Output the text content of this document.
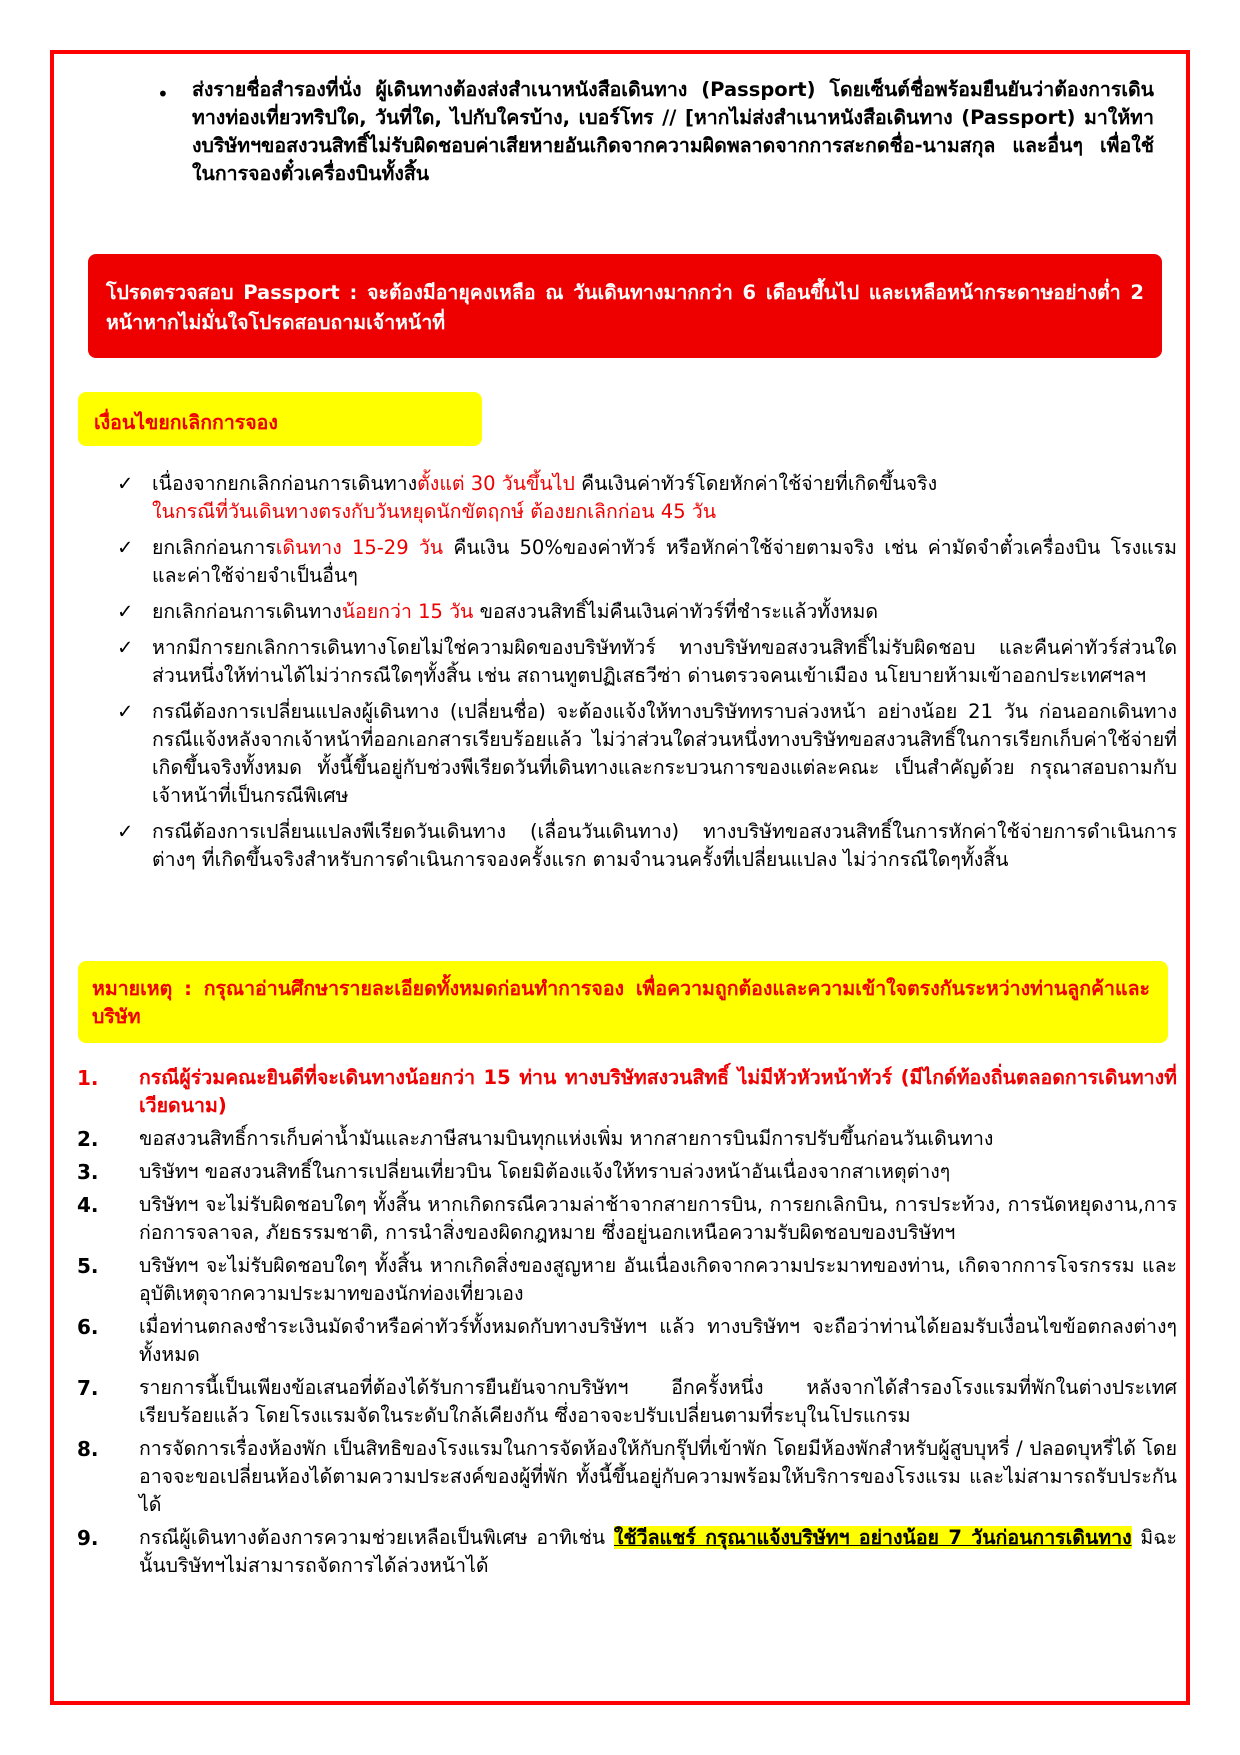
• ส่งรายชื่อสำรองที่นั่ง ผู้เดินทางต้องส่งสำเนาหนังสือเดินทาง (Passport) โดยเซ็นต์ชื่อพร้อมยืนยันว่าต้องการเดินทางท่องเที่ยวทริปใด, วันที่ใด, ไปกับใครบ้าง, เบอร์โทร // [หากไม่ส่งสำเนาหนังสือเดินทาง (Passport) มาให้ทางบริษัทฯขอสงวนสิทธิ์ไม่รับผิดชอบค่าเสียหายอันเกิดจากความผิดพลาดจากการสะกดชื่อ-นามสกุล และอื่นๆ เพื่อใช้ในการจองตั๋วเครื่องบินทั้งสิ้น
โปรดตรวจสอบ Passport : จะต้องมีอายุคงเหลือ ณ วันเดินทางมากกว่า 6 เดือนขึ้นไป และเหลือหน้ากระดาษอย่างต่ำ 2 หน้าหากไม่มั่นใจโปรดสอบถามเจ้าหน้าที่
เงื่อนไขยกเลิกการจอง
✓ เนื่องจากยกเลิกก่อนการเดินทางตั้งแต่ 30 วันขึ้นไป คืนเงินค่าทัวร์โดยหักค่าใช้จ่ายที่เกิดขึ้นจริง
ในกรณีที่วันเดินทางตรงกับวันหยุดนักขัตฤกษ์ ต้องยกเลิกก่อน 45 วัน
✓ ยกเลิกก่อนการเดินทาง 15-29 วัน คืนเงิน 50%ของค่าทัวร์ หรือหักค่าใช้จ่ายตามจริง เช่น ค่ามัดจำตั๋วเครื่องบิน โรงแรม และค่าใช้จ่ายจำเป็นอื่นๆ
✓ ยกเลิกก่อนการเดินทางน้อยกว่า 15 วัน ขอสงวนสิทธิ์ไม่คืนเงินค่าทัวร์ที่ชำระแล้วทั้งหมด
✓ หากมีการยกเลิกการเดินทางโดยไม่ใช่ความผิดของบริษัททัวร์ ทางบริษัทขอสงวนสิทธิ์ไม่รับผิดชอบ และคืนค่าทัวร์ส่วนใดส่วนหนึ่งให้ท่านได้ไม่ว่ากรณีใดๆทั้งสิ้น เช่น สถานทูตปฏิเสธวีซ่า ด่านตรวจคนเข้าเมือง นโยบายห้ามเข้าออกประเทศฯลฯ
✓ กรณีต้องการเปลี่ยนแปลงผู้เดินทาง (เปลี่ยนชื่อ) จะต้องแจ้งให้ทางบริษัททราบล่วงหน้า อย่างน้อย 21 วัน ก่อนออกเดินทาง กรณีแจ้งหลังจากเจ้าหน้าที่ออกเอกสารเรียบร้อยแล้ว ไม่ว่าส่วนใดส่วนหนึ่งทางบริษัทขอสงวนสิทธิ์ในการเรียกเก็บค่าใช้จ่ายที่เกิดขึ้นจริงทั้งหมด ทั้งนี้ขึ้นอยู่กับช่วงพีเรียดวันที่เดินทางและกระบวนการของแต่ละคณะ เป็นสำคัญด้วย กรุณาสอบถามกับเจ้าหน้าที่เป็นกรณีพิเศษ
✓ กรณีต้องการเปลี่ยนแปลงพีเรียดวันเดินทาง (เลื่อนวันเดินทาง) ทางบริษัทขอสงวนสิทธิ์ในการหักค่าใช้จ่ายการดำเนินการต่างๆ ที่เกิดขึ้นจริงสำหรับการดำเนินการจองครั้งแรก ตามจำนวนครั้งที่เปลี่ยนแปลง ไม่ว่ากรณีใดๆทั้งสิ้น
หมายเหตุ : กรุณาอ่านศึกษารายละเอียดทั้งหมดก่อนทำการจอง เพื่อความถูกต้องและความเข้าใจตรงกันระหว่างท่านลูกค้าและบริษัท
1. กรณีผู้ร่วมคณะยินดีที่จะเดินทางน้อยกว่า 15 ท่าน ทางบริษัทสงวนสิทธิ์ ไม่มีหัวหัวหน้าทัวร์ (มีไกด์ท้องถิ่นตลอดการเดินทางที่เวียดนาม)
2. ขอสงวนสิทธิ์การเก็บค่าน้ำมันและภาษีสนามบินทุกแห่งเพิ่ม หากสายการบินมีการปรับขึ้นก่อนวันเดินทาง
3. บริษัทฯ ขอสงวนสิทธิ์ในการเปลี่ยนเที่ยวบิน โดยมิต้องแจ้งให้ทราบล่วงหน้าอันเนื่องจากสาเหตุต่างๆ
4. บริษัทฯ จะไม่รับผิดชอบใดๆ ทั้งสิ้น หากเกิดกรณีความล่าช้าจากสายการบิน, การยกเลิกบิน, การประท้วง, การนัดหยุดงาน,การก่อการจลาจล, ภัยธรรมชาติ, การนำสิ่งของผิดกฎหมาย ซึ่งอยู่นอกเหนือความรับผิดชอบของบริษัทฯ
5. บริษัทฯ จะไม่รับผิดชอบใดๆ ทั้งสิ้น หากเกิดสิ่งของสูญหาย อันเนื่องเกิดจากความประมาทของท่าน, เกิดจากการโจรกรรม และ อุบัติเหตุจากความประมาทของนักท่องเที่ยวเอง
6. เมื่อท่านตกลงชำระเงินมัดจำหรือค่าทัวร์ทั้งหมดกับทางบริษัทฯ แล้ว ทางบริษัทฯ จะถือว่าท่านได้ยอมรับเงื่อนไขข้อตกลงต่างๆ ทั้งหมด
7. รายการนี้เป็นเพียงข้อเสนอที่ต้องได้รับการยืนยันจากบริษัทฯ อีกครั้งหนึ่ง หลังจากได้สำรองโรงแรมที่พักในต่างประเทศเรียบร้อยแล้ว โดยโรงแรมจัดในระดับใกล้เคียงกัน ซึ่งอาจจะปรับเปลี่ยนตามที่ระบุในโปรแกรม
8. การจัดการเรื่องห้องพัก เป็นสิทธิของโรงแรมในการจัดห้องให้กับกรุ๊ปที่เข้าพัก โดยมีห้องพักสำหรับผู้สูบบุหรี่ / ปลอดบุหรี่ได้ โดยอาจจะขอเปลี่ยนห้องได้ตามความประสงค์ของผู้ที่พัก ทั้งนี้ขึ้นอยู่กับความพร้อมให้บริการของโรงแรม และไม่สามารถรับประกันได้
9. กรณีผู้เดินทางต้องการความช่วยเหลือเป็นพิเศษ อาทิเช่น ใช้วีลแชร์ กรุณาแจ้งบริษัทฯ อย่างน้อย 7 วันก่อนการเดินทาง มิฉะนั้นบริษัทฯไม่สามารถจัดการได้ล่วงหน้าได้
